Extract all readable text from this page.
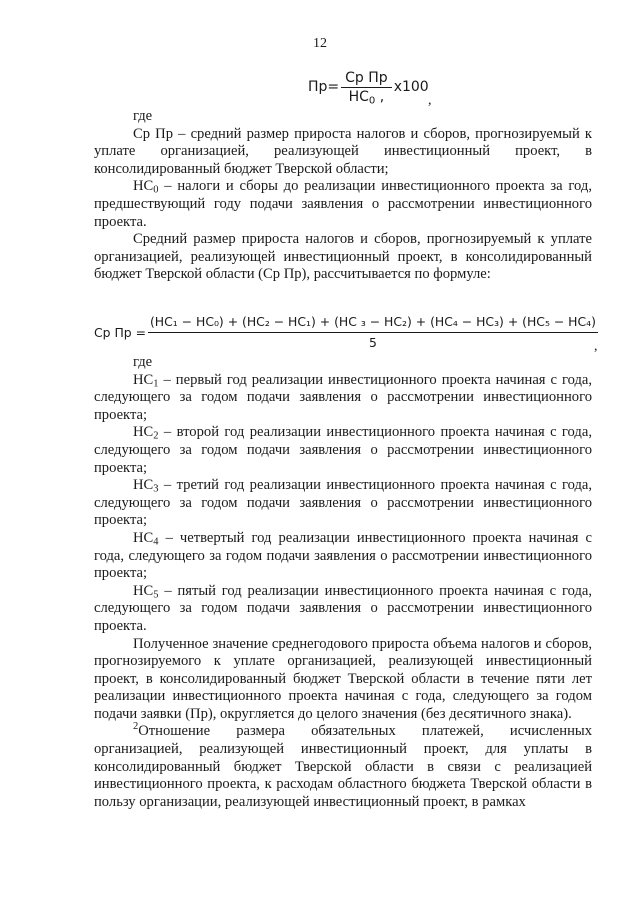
12
$Пр= \frac{\text{Ср Пр}}{НС_0 ,} x100$
,

где

Ср Пр – средний размер прироста налогов и сборов, прогнозируемый к уплате организацией, реализующей инвестиционный проект, в консолидированный бюджет Тверской области;

$НС_0$ – налоги и сборы до реализации инвестиционного проекта за год, предшествующий году подачи заявления о рассмотрении инвестиционного проекта.

Средний размер прироста налогов и сборов, прогнозируемый к уплате организацией, реализующей инвестиционный проект, в консолидированный бюджет Тверской области (Ср Пр), рассчитывается по формуле:

Ср Пр =
(НС₁ − НС₀) + (НС₂ − НС₁) + (НС ₃ − НС₂) + (НС₄ − НС₃) + (НС₅ − НС₄)
5	,

где

$НС_1$ – первый год реализации инвестиционного проекта начиная с года, следующего за годом подачи заявления о рассмотрении инвестиционного проекта;

$НС_2$ – второй год реализации инвестиционного проекта начиная с года, следующего за годом подачи заявления о рассмотрении инвестиционного проекта;

$НС_3$ – третий год реализации инвестиционного проекта начиная с года, следующего за годом подачи заявления о рассмотрении инвестиционного проекта;

$НС_4$ – четвертый год реализации инвестиционного проекта начиная с года, следующего за годом подачи заявления о рассмотрении инвестиционного проекта;

$НС_5$ – пятый год реализации инвестиционного проекта начиная с года, следующего за годом подачи заявления о рассмотрении инвестиционного проекта.

Полученное значение среднегодового прироста объема налогов и сборов, прогнозируемого к уплате организацией, реализующей инвестиционный проект, в консолидированный бюджет Тверской области в течение пяти лет реализации инвестиционного проекта начиная с года, следующего за годом подачи заявки (Пр), округляется до целого значения (без десятичного знака).

$^2$Отношение размера обязательных платежей, исчисленных организацией, реализующей инвестиционный проект, для уплаты в консолидированный бюджет Тверской области в связи с реализацией инвестиционного проекта, к расходам областного бюджета Тверской области в пользу организации, реализующей инвестиционный проект, в рамках
